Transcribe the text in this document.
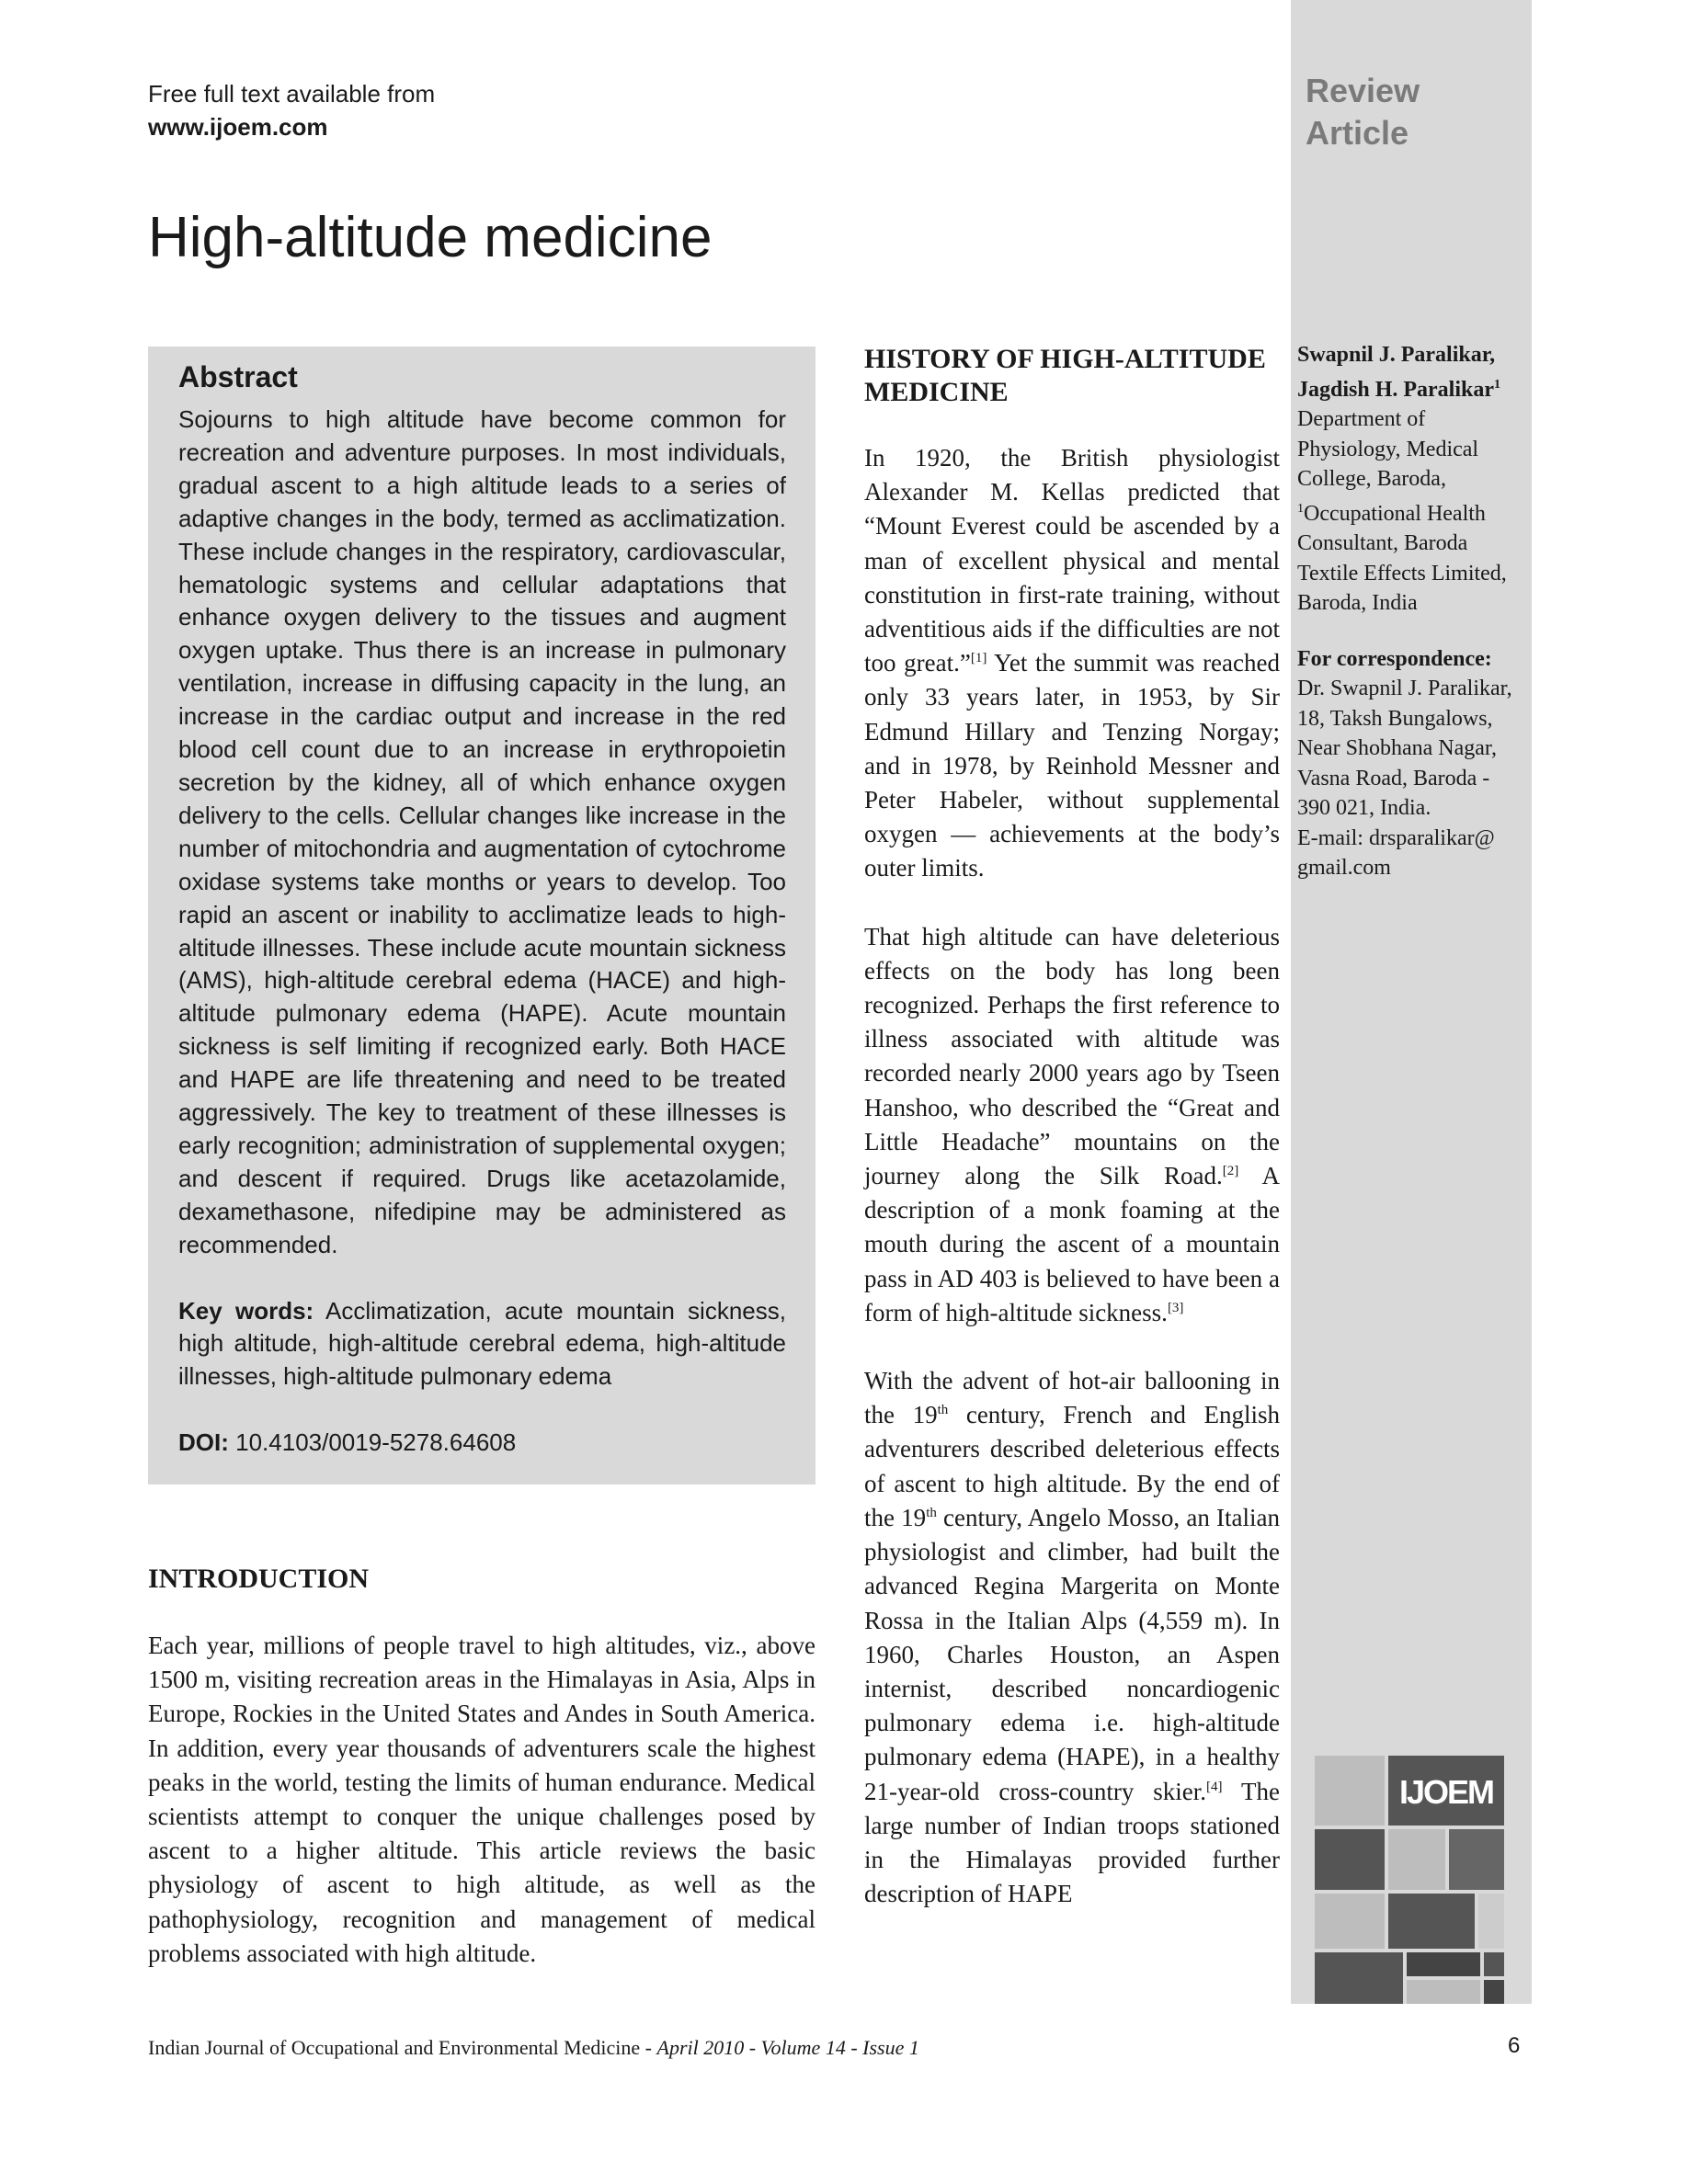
Free full text available from
www.ijoem.com
Review Article
High-altitude medicine
Abstract

Sojourns to high altitude have become common for recreation and adventure purposes. In most individuals, gradual ascent to a high altitude leads to a series of adaptive changes in the body, termed as acclimatization. These include changes in the respiratory, cardiovascular, hematologic systems and cellular adaptations that enhance oxygen delivery to the tissues and augment oxygen uptake. Thus there is an increase in pulmonary ventilation, increase in diffusing capacity in the lung, an increase in the cardiac output and increase in the red blood cell count due to an increase in erythropoietin secretion by the kidney, all of which enhance oxygen delivery to the cells. Cellular changes like increase in the number of mitochondria and augmentation of cytochrome oxidase systems take months or years to develop. Too rapid an ascent or inability to acclimatize leads to high-altitude illnesses. These include acute mountain sickness (AMS), high-altitude cerebral edema (HACE) and high-altitude pulmonary edema (HAPE). Acute mountain sickness is self limiting if recognized early. Both HACE and HAPE are life threatening and need to be treated aggressively. The key to treatment of these illnesses is early recognition; administration of supplemental oxygen; and descent if required. Drugs like acetazolamide, dexamethasone, nifedipine may be administered as recommended.

Key words: Acclimatization, acute mountain sickness, high altitude, high-altitude cerebral edema, high-altitude illnesses, high-altitude pulmonary edema

DOI: 10.4103/0019-5278.64608

INTRODUCTION

Each year, millions of people travel to high altitudes, viz., above 1500 m, visiting recreation areas in the Himalayas in Asia, Alps in Europe, Rockies in the United States and Andes in South America. In addition, every year thousands of adventurers scale the highest peaks in the world, testing the limits of human endurance. Medical scientists attempt to conquer the unique challenges posed by ascent to a higher altitude. This article reviews the basic physiology of ascent to high altitude, as well as the pathophysiology, recognition and management of medical problems associated with high altitude.

HISTORY OF HIGH-ALTITUDE MEDICINE

In 1920, the British physiologist Alexander M. Kellas predicted that “Mount Everest could be ascended by a man of excellent physical and mental constitution in first-rate training, without adventitious aids if the difficulties are not too great.”[1] Yet the summit was reached only 33 years later, in 1953, by Sir Edmund Hillary and Tenzing Norgay; and in 1978, by Reinhold Messner and Peter Habeler, without supplemental oxygen — achievements at the body’s outer limits.

That high altitude can have deleterious effects on the body has long been recognized. Perhaps the first reference to illness associated with altitude was recorded nearly 2000 years ago by Tseen Hanshoo, who described the “Great and Little Headache” mountains on the journey along the Silk Road.[2] A description of a monk foaming at the mouth during the ascent of a mountain pass in AD 403 is believed to have been a form of high-altitude sickness.[3]

With the advent of hot-air ballooning in the 19th century, French and English adventurers described deleterious effects of ascent to high altitude. By the end of the 19th century, Angelo Mosso, an Italian physiologist and climber, had built the advanced Regina Margerita on Monte Rossa in the Italian Alps (4,559 m). In 1960, Charles Houston, an Aspen internist, described noncardiogenic pulmonary edema i.e. high-altitude pulmonary edema (HAPE), in a healthy 21-year-old cross-country skier.[4] The large number of Indian troops stationed in the Himalayas provided further description of HAPE

Swapnil J. Paralikar,
Jagdish H. Paralikar$^1$
Department of Physiology, Medical College, Baroda,
$^1$Occupational Health Consultant, Baroda Textile Effects Limited, Baroda, India
For correspondence:
Dr. Swapnil J. Paralikar,
18, Taksh Bungalows, Near Shobhana Nagar, Vasna Road, Baroda - 390 021, India.
E-mail: drsparalikar@ gmail.com
IJOEM
Indian Journal of Occupational and Environmental Medicine - April 2010 - Volume 14 - Issue 1	6
